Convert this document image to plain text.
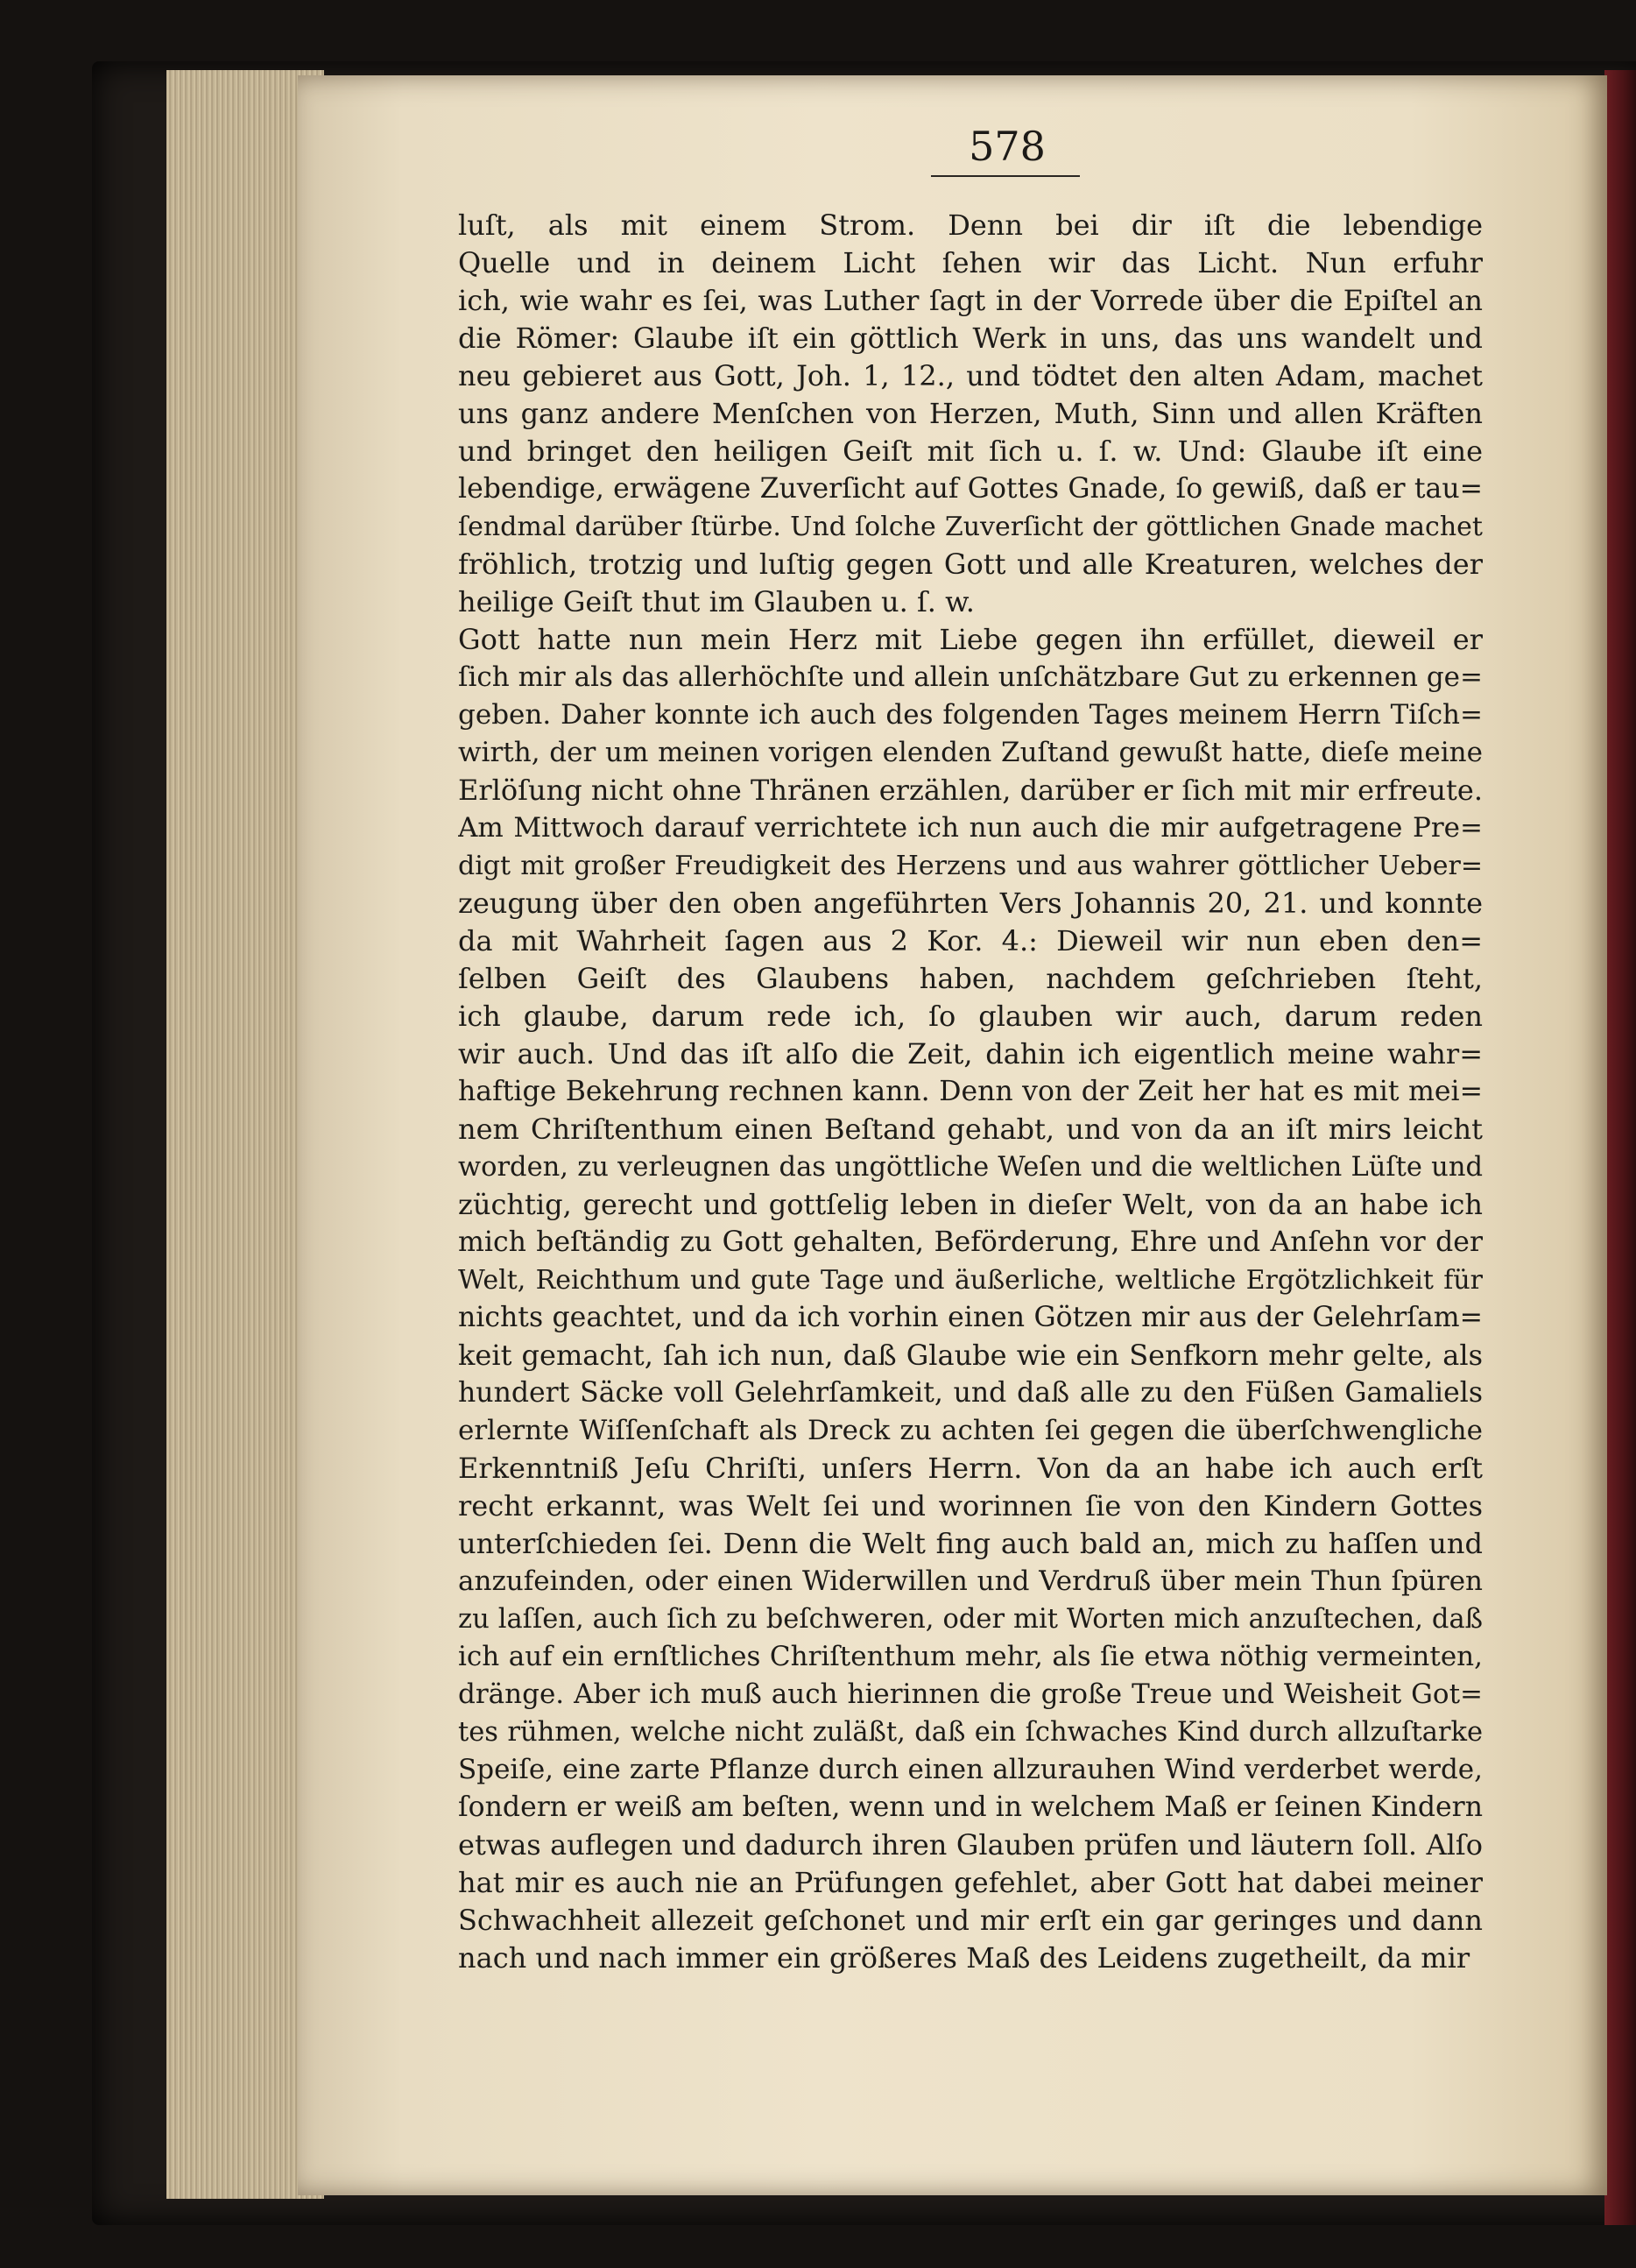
578
luſt, als mit einem Strom. Denn bei dir iſt die lebendige
Quelle und in deinem Licht ſehen wir das Licht. Nun erfuhr
ich, wie wahr es ſei, was Luther ſagt in der Vorrede über die Epiſtel an
die Römer: Glaube iſt ein göttlich Werk in uns, das uns wandelt und
neu gebieret aus Gott, Joh. 1, 12., und tödtet den alten Adam, machet
uns ganz andere Menſchen von Herzen, Muth, Sinn und allen Kräften
und bringet den heiligen Geiſt mit ſich u. ſ. w. Und: Glaube iſt eine
lebendige, erwägene Zuverſicht auf Gottes Gnade, ſo gewiß, daß er tau=
ſendmal darüber ſtürbe. Und ſolche Zuverſicht der göttlichen Gnade machet
fröhlich, trotzig und luſtig gegen Gott und alle Kreaturen, welches der
heilige Geiſt thut im Glauben u. ſ. w.
Gott hatte nun mein Herz mit Liebe gegen ihn erfüllet, dieweil er
ſich mir als das allerhöchſte und allein unſchätzbare Gut zu erkennen ge=
geben. Daher konnte ich auch des folgenden Tages meinem Herrn Tiſch=
wirth, der um meinen vorigen elenden Zuſtand gewußt hatte, dieſe meine
Erlöſung nicht ohne Thränen erzählen, darüber er ſich mit mir erfreute.
Am Mittwoch darauf verrichtete ich nun auch die mir aufgetragene Pre=
digt mit großer Freudigkeit des Herzens und aus wahrer göttlicher Ueber=
zeugung über den oben angeführten Vers Johannis 20, 21. und konnte
da mit Wahrheit ſagen aus 2 Kor. 4.: Dieweil wir nun eben den=
ſelben Geiſt des Glaubens haben, nachdem geſchrieben ſteht,
ich glaube, darum rede ich, ſo glauben wir auch, darum reden
wir auch. Und das iſt alſo die Zeit, dahin ich eigentlich meine wahr=
haftige Bekehrung rechnen kann. Denn von der Zeit her hat es mit mei=
nem Chriſtenthum einen Beſtand gehabt, und von da an iſt mirs leicht
worden, zu verleugnen das ungöttliche Weſen und die weltlichen Lüſte und
züchtig, gerecht und gottſelig leben in dieſer Welt, von da an habe ich
mich beſtändig zu Gott gehalten, Beförderung, Ehre und Anſehn vor der
Welt, Reichthum und gute Tage und äußerliche, weltliche Ergötzlichkeit für
nichts geachtet, und da ich vorhin einen Götzen mir aus der Gelehrſam=
keit gemacht, ſah ich nun, daß Glaube wie ein Senfkorn mehr gelte, als
hundert Säcke voll Gelehrſamkeit, und daß alle zu den Füßen Gamaliels
erlernte Wiſſenſchaft als Dreck zu achten ſei gegen die überſchwengliche
Erkenntniß Jeſu Chriſti, unſers Herrn. Von da an habe ich auch erſt
recht erkannt, was Welt ſei und worinnen ſie von den Kindern Gottes
unterſchieden ſei. Denn die Welt fing auch bald an, mich zu haſſen und
anzufeinden, oder einen Widerwillen und Verdruß über mein Thun ſpüren
zu laſſen, auch ſich zu beſchweren, oder mit Worten mich anzuſtechen, daß
ich auf ein ernſtliches Chriſtenthum mehr, als ſie etwa nöthig vermeinten,
dränge. Aber ich muß auch hierinnen die große Treue und Weisheit Got=
tes rühmen, welche nicht zuläßt, daß ein ſchwaches Kind durch allzuſtarke
Speiſe, eine zarte Pflanze durch einen allzurauhen Wind verderbet werde,
ſondern er weiß am beſten, wenn und in welchem Maß er ſeinen Kindern
etwas auflegen und dadurch ihren Glauben prüfen und läutern ſoll. Alſo
hat mir es auch nie an Prüfungen gefehlet, aber Gott hat dabei meiner
Schwachheit allezeit geſchonet und mir erſt ein gar geringes und dann
nach und nach immer ein größeres Maß des Leidens zugetheilt, da mir
